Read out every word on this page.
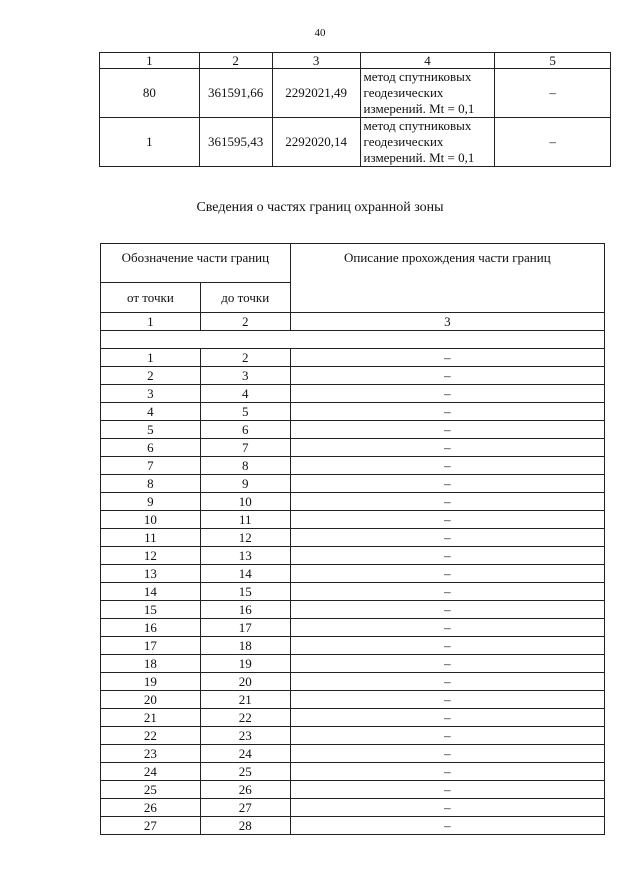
40
1	2	3	4	5
80	361591,66	2292021,49	метод спутниковых
геодезических
измерений. Mt = 0,1	–
1	361595,43	2292020,14	метод спутниковых
геодезических
измерений. Mt = 0,1	–
Сведения о частях границ охранной зоны
Обозначение части границ		Описание прохождения части границ
от точки	до точки	
1	2	3

1	2	–
2	3	–
3	4	–
4	5	–
5	6	–
6	7	–
7	8	–
8	9	–
9	10	–
10	11	–
11	12	–
12	13	–
13	14	–
14	15	–
15	16	–
16	17	–
17	18	–
18	19	–
19	20	–
20	21	–
21	22	–
22	23	–
23	24	–
24	25	–
25	26	–
26	27	–
27	28	–
